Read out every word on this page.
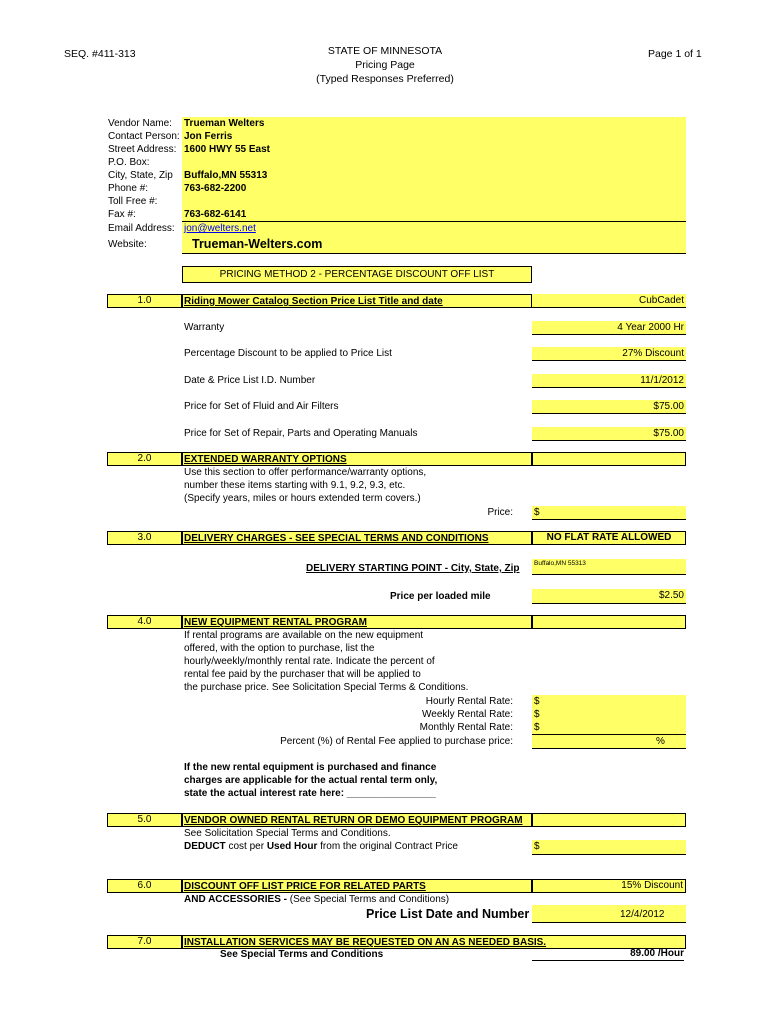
SEQ. #411-313	STATE OF MINNESOTA
Pricing Page
(Typed Responses Preferred)
Page 1 of 1
Vendor Name: Trueman Welters
Contact Person: Jon Ferris
Street Address: 1600 HWY 55 East
P.O. Box:
City, State, Zip Buffalo,MN 55313
Phone #:	763-682-2200
Toll Free #:
Fax #:	763-682-6141
Email Address: jon@welters.net
Website:	Trueman-Welters.com
PRICING METHOD 2 - PERCENTAGE DISCOUNT OFF LIST
1.0	Riding Mower Catalog Section Price List Title and date	CubCadet
Warranty	4 Year 2000 Hr
Percentage Discount to be applied to Price List	27% Discount
Date & Price List I.D. Number	11/1/2012
Price for Set of Fluid and Air Filters	$75.00
Price for Set of Repair, Parts and Operating Manuals	$75.00
2.0	EXTENDED WARRANTY OPTIONS
Use this section to offer performance/warranty options,
number these items starting with 9.1, 9.2, 9.3, etc.
(Specify years, miles or hours extended term covers.)
Price: $
3.0	DELIVERY CHARGES - SEE SPECIAL TERMS AND CONDITIONS	NO FLAT RATE ALLOWED
DELIVERY STARTING POINT - City, State, Zip Buffalo,MN 55313
Price per loaded mile	$2.50
4.0	NEW EQUIPMENT RENTAL PROGRAM
If rental programs are available on the new equipment
offered, with the option to purchase, list the
hourly/weekly/monthly rental rate. Indicate the percent of
rental fee paid by the purchaser that will be applied to
the purchase price. See Solicitation Special Terms & Conditions.
Hourly Rental Rate: $
Weekly Rental Rate: $
Monthly Rental Rate: $
Percent (%) of Rental Fee applied to purchase price:	%
If the new rental equipment is purchased and finance
charges are applicable for the actual rental term only,
state the actual interest rate here: ________________
5.0	VENDOR OWNED RENTAL RETURN OR DEMO EQUIPMENT PROGRAM
See Solicitation Special Terms and Conditions.
DEDUCT cost per Used Hour from the original Contract Price	$
6.0	DISCOUNT OFF LIST PRICE FOR RELATED PARTS	15% Discount
AND ACCESSORIES - (See Special Terms and Conditions)
Price List Date and Number	12/4/2012
7.0	INSTALLATION SERVICES MAY BE REQUESTED ON AN AS NEEDED BASIS.
See Special Terms and Conditions	89.00 /Hour
